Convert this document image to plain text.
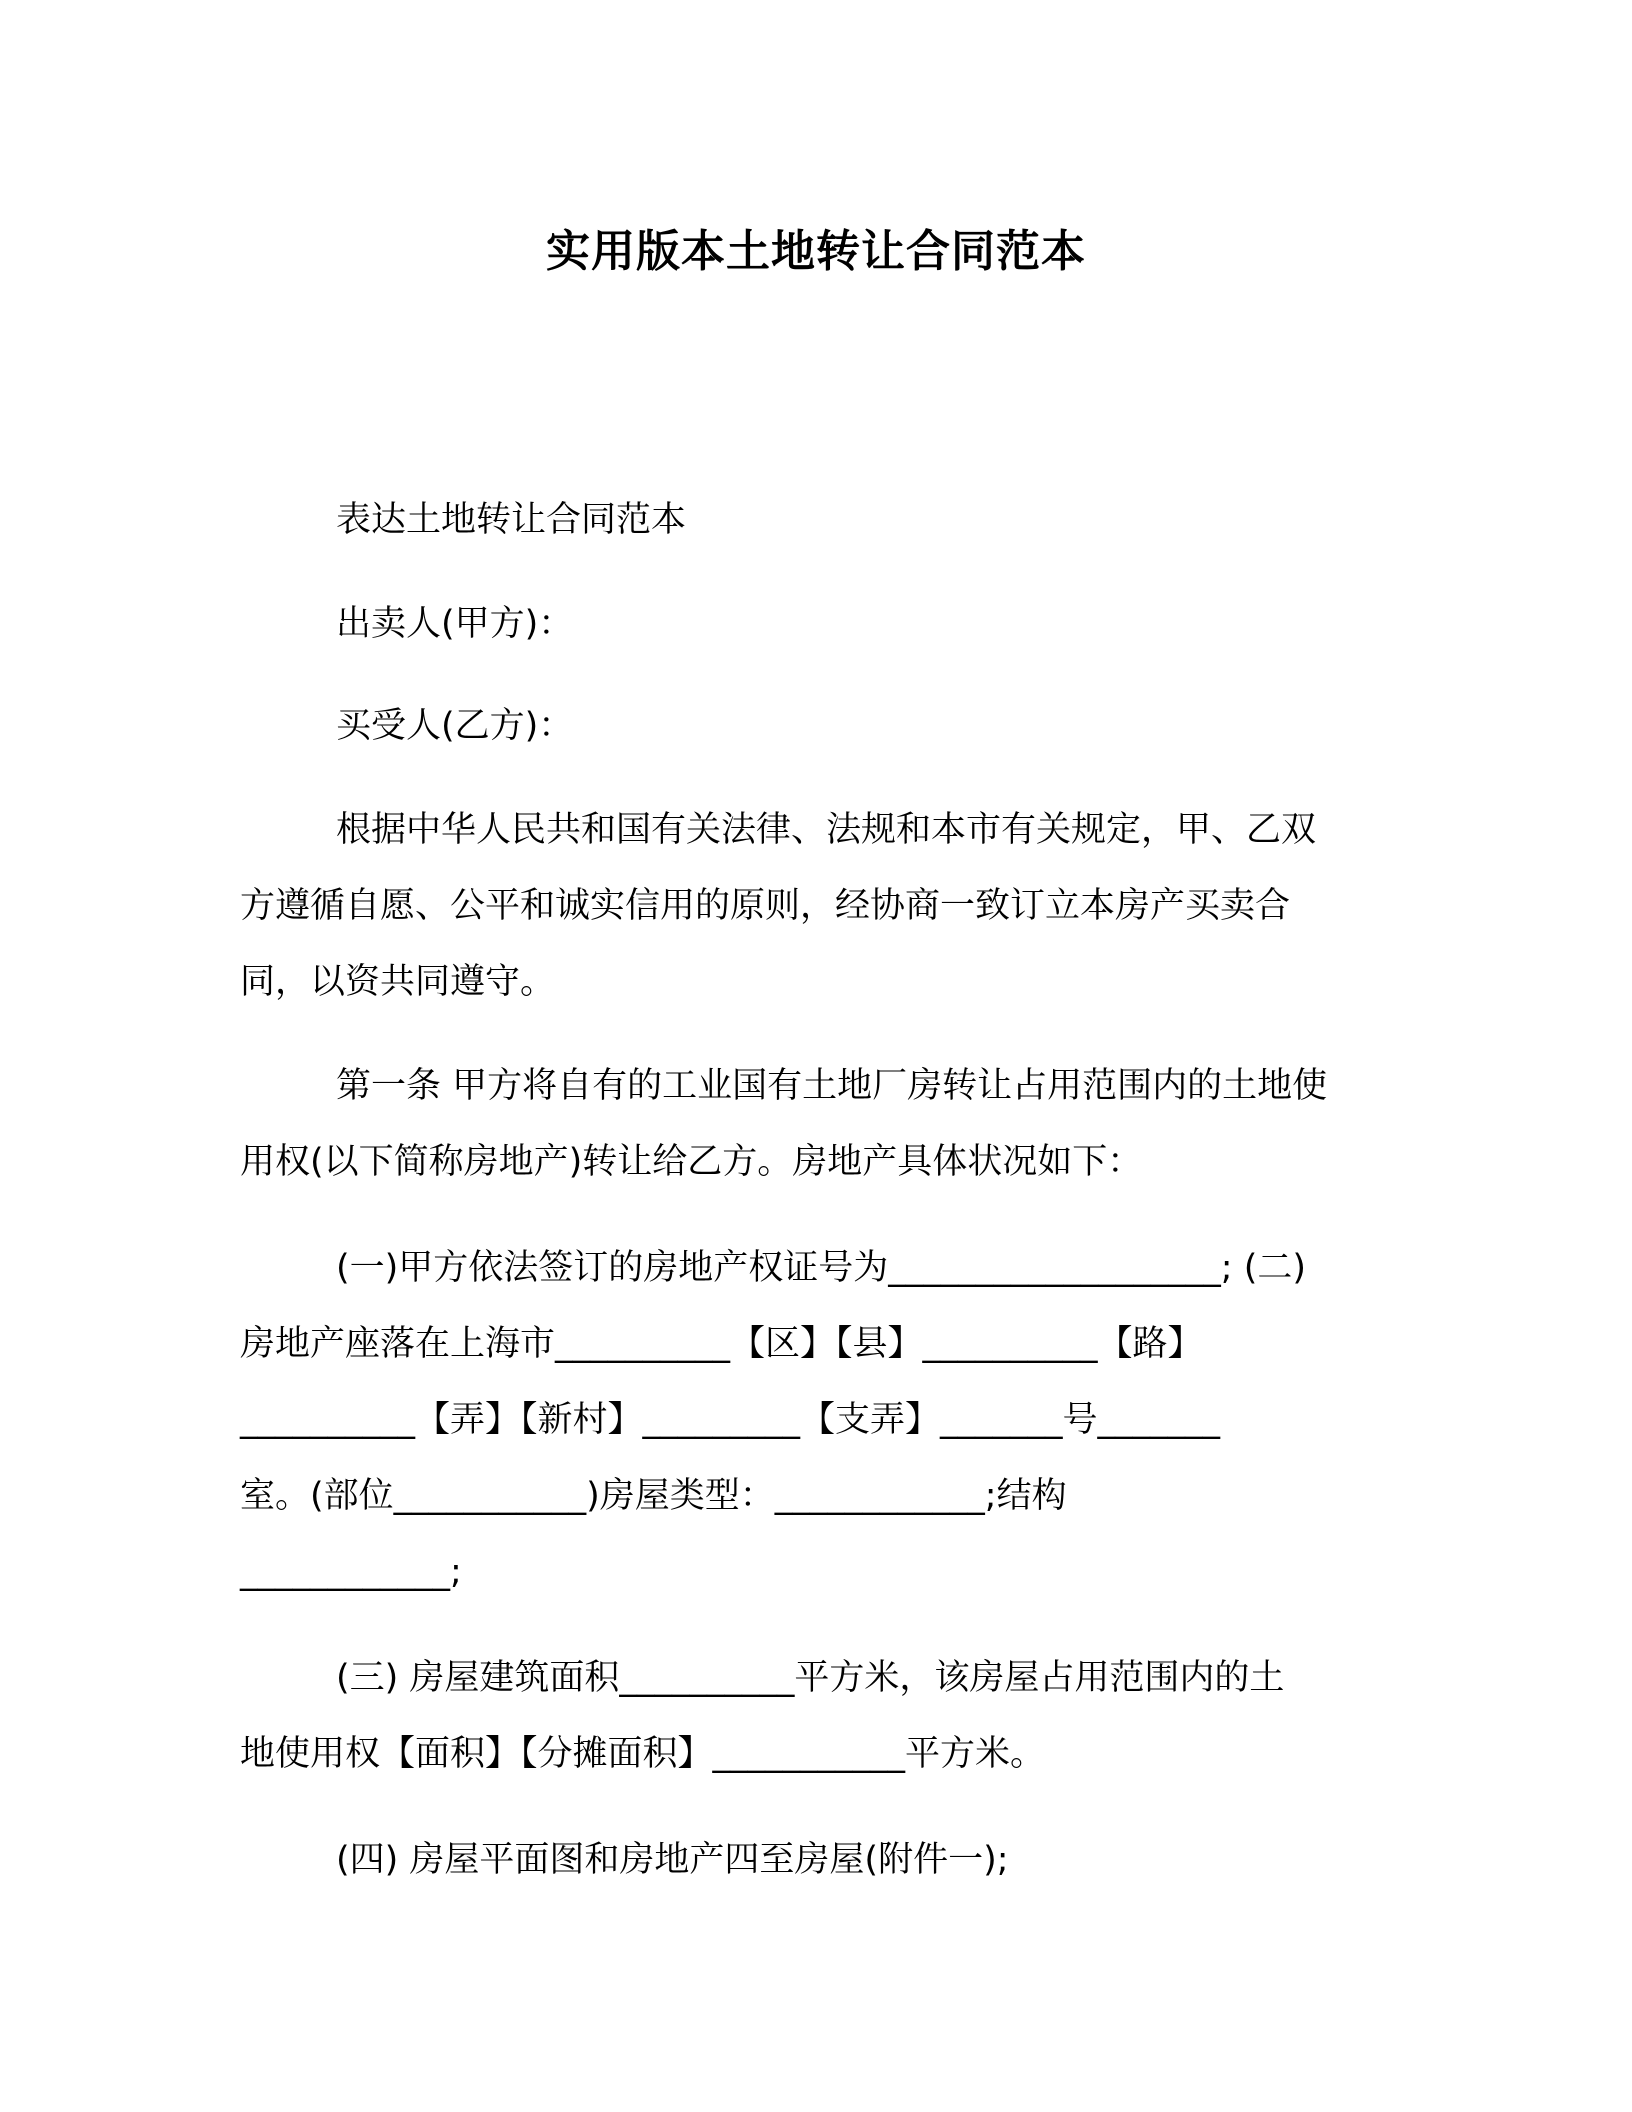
实用版本土地转让合同范本
表达土地转让合同范本
出卖人(甲方)：
买受人(乙方)：
根据中华人民共和国有关法律、法规和本市有关规定，甲、乙双
方遵循自愿、公平和诚实信用的原则，经协商一致订立本房产买卖合
同，以资共同遵守。
第一条 甲方将自有的工业国有土地厂房转让占用范围内的土地使
用权(以下简称房地产)转让给乙方。房地产具体状况如下：
(一)甲方依法签订的房地产权证号为___________________; (二)
房地产座落在上海市__________【区】【县】__________【路】
__________【弄】【新村】_________【支弄】_______号_______
室。(部位___________)房屋类型：____________;结构
____________;
(三) 房屋建筑面积__________平方米，该房屋占用范围内的土
地使用权【面积】【分摊面积】___________平方米。
(四) 房屋平面图和房地产四至房屋(附件一);
